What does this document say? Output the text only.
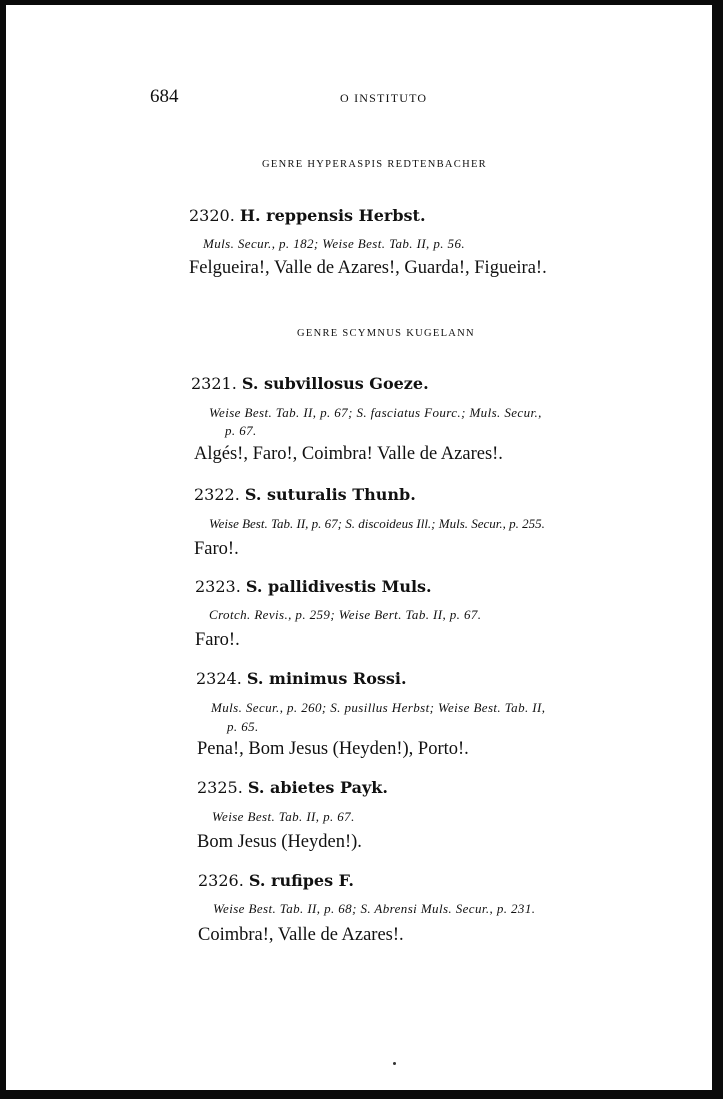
684	O INSTITUTO
GENRE HYPERASPIS REDTENBACHER
2320. H. reppensis Herbst.
Muls. Secur., p. 182; Weise Best. Tab. II, p. 56.
Felgueira!, Valle de Azares!, Guarda!, Figueira!.
GENRE SCYMNUS KUGELANN
2321. S. subvillosus Goeze.
Weise Best. Tab. II, p. 67; S. fasciatus Fourc.; Muls. Secur.,
p. 67.
Algés!, Faro!, Coimbra! Valle de Azares!.
2322. S. suturalis Thunb.
Weise Best. Tab. II, p. 67; S. discoideus Ill.; Muls. Secur., p. 255.
Faro!.
2323. S. pallidivestis Muls.
Crotch. Revis., p. 259; Weise Bert. Tab. II, p. 67.
Faro!.
2324. S. minimus Rossi.
Muls. Secur., p. 260; S. pusillus Herbst; Weise Best. Tab. II,
p. 65.
Pena!, Bom Jesus (Heyden!), Porto!.
2325. S. abietes Payk.
Weise Best. Tab. II, p. 67.
Bom Jesus (Heyden!).
2326. S. rufipes F.
Weise Best. Tab. II, p. 68; S. Abrensi Muls. Secur., p. 231.
Coimbra!, Valle de Azares!.
